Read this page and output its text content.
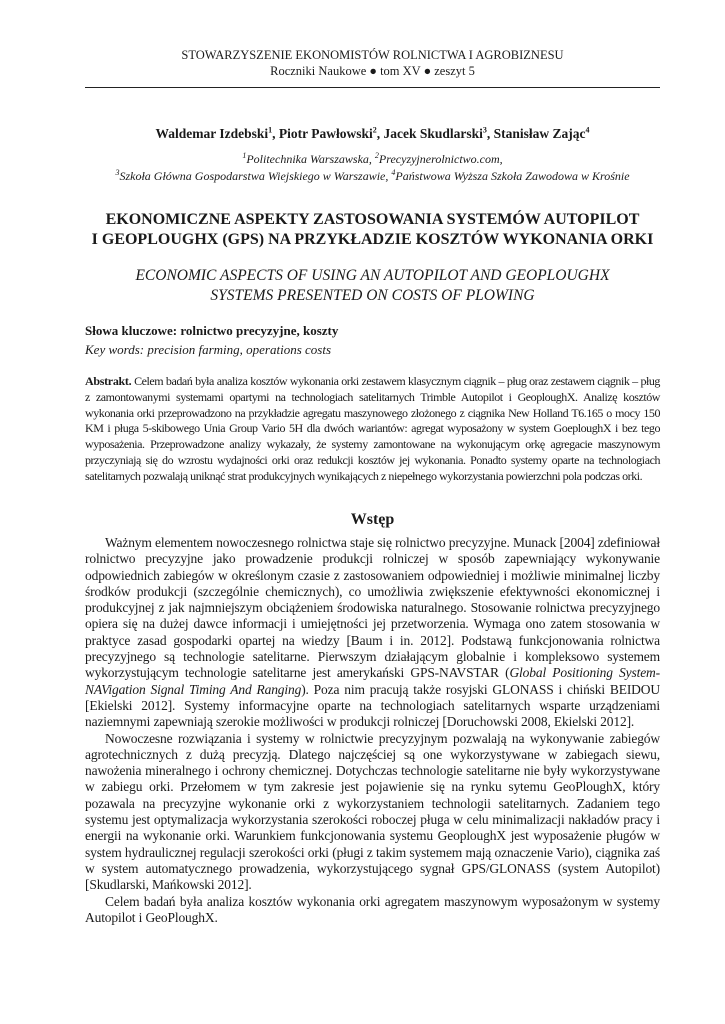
STOWARZYSZENIE EKONOMISTÓW ROLNICTWA I AGROBIZNESU
Roczniki Naukowe ● tom XV ● zeszyt 5
Waldemar Izdebski$^1$, Piotr Pawłowski$^2$, Jacek Skudlarski$^3$, Stanisław Zając$^4$
$^1$Politechnika Warszawska, $^2$Precyzyjnerolnictwo.com,
$^3$Szkoła Główna Gospodarstwa Wiejskiego w Warszawie, $^4$Państwowa Wyższa Szkoła Zawodowa w Krośnie
EKONOMICZNE ASPEKTY ZASTOSOWANIA SYSTEMÓW AUTOPILOT
I GEOPLOUGHX (GPS) NA PRZYKŁADZIE KOSZTÓW WYKONANIA ORKI
ECONOMIC ASPECTS OF USING AN AUTOPILOT AND GEOPLOUGHX
SYSTEMS PRESENTED ON COSTS OF PLOWING
Słowa kluczowe: rolnictwo precyzyjne, koszty
Key words: precision farming, operations costs
Abstrakt. Celem badań była analiza kosztów wykonania orki zestawem klasycznym ciągnik – pług oraz zestawem ciągnik – pług z zamontowanymi systemami opartymi na technologiach satelitarnych Trimble Autopilot i GeoploughX. Analizę kosztów wykonania orki przeprowadzono na przykładzie agregatu maszynowego złożonego z ciągnika New Holland T6.165 o mocy 150 KM i pługa 5-skibowego Unia Group Vario 5H dla dwóch wariantów: agregat wyposażony w system GoeploughX i bez tego wyposażenia. Przeprowadzone analizy wykazały, że systemy zamontowane na wykonującym orkę agregacie maszynowym przyczyniają się do wzrostu wydajności orki oraz redukcji kosztów jej wykonania. Ponadto systemy oparte na technologiach satelitarnych pozwalają uniknąć strat produkcyjnych wynikających z niepełnego wykorzystania powierzchni pola podczas orki.
Wstęp

Ważnym elementem nowoczesnego rolnictwa staje się rolnictwo precyzyjne. Munack [2004] zdefiniował rolnictwo precyzyjne jako prowadzenie produkcji rolniczej w sposób zapewniający wykonywanie odpowiednich zabiegów w określonym czasie z zastosowaniem odpowiedniej i możliwie minimalnej liczby środków produkcji (szczególnie chemicznych), co umożliwia zwiększenie efektywności ekonomicznej i produkcyjnej z jak najmniejszym obciążeniem środowiska naturalnego. Stosowanie rolnictwa precyzyjnego opiera się na dużej dawce informacji i umiejętności jej przetworzenia. Wymaga ono zatem stosowania w praktyce zasad gospodarki opartej na wiedzy [Baum i in. 2012]. Podstawą funkcjonowania rolnictwa precyzyjnego są technologie satelitarne. Pierwszym działającym globalnie i kompleksowo systemem wykorzystującym technologie satelitarne jest amerykański GPS-NAVSTAR (Global Positioning System-NAVigation Signal Timing And Ranging). Poza nim pracują także rosyjski GLONASS i chiński BEIDOU [Ekielski 2012]. Systemy informacyjne oparte na technologiach satelitarnych wsparte urządzeniami naziemnymi zapewniają szerokie możliwości w produkcji rolniczej [Doruchowski 2008, Ekielski 2012].

Nowoczesne rozwiązania i systemy w rolnictwie precyzyjnym pozwalają na wykonywanie zabiegów agrotechnicznych z dużą precyzją. Dlatego najczęściej są one wykorzystywane w zabiegach siewu, nawożenia mineralnego i ochrony chemicznej. Dotychczas technologie satelitarne nie były wykorzystywane w zabiegu orki. Przełomem w tym zakresie jest pojawienie się na rynku sytemu GeoPloughX, który pozawala na precyzyjne wykonanie orki z wykorzystaniem technologii satelitarnych. Zadaniem tego systemu jest optymalizacja wykorzystania szerokości roboczej pługa w celu minimalizacji nakładów pracy i energii na wykonanie orki. Warunkiem funkcjonowania systemu GeoploughX jest wyposażenie pługów w system hydraulicznej regulacji szerokości orki (pługi z takim systemem mają oznaczenie Vario), ciągnika zaś w system automatycznego prowadzenia, wykorzystującego sygnał GPS/GLONASS (system Autopilot) [Skudlarski, Mańkowski 2012].

Celem badań była analiza kosztów wykonania orki agregatem maszynowym wyposażonym w systemy Autopilot i GeoPloughX.
